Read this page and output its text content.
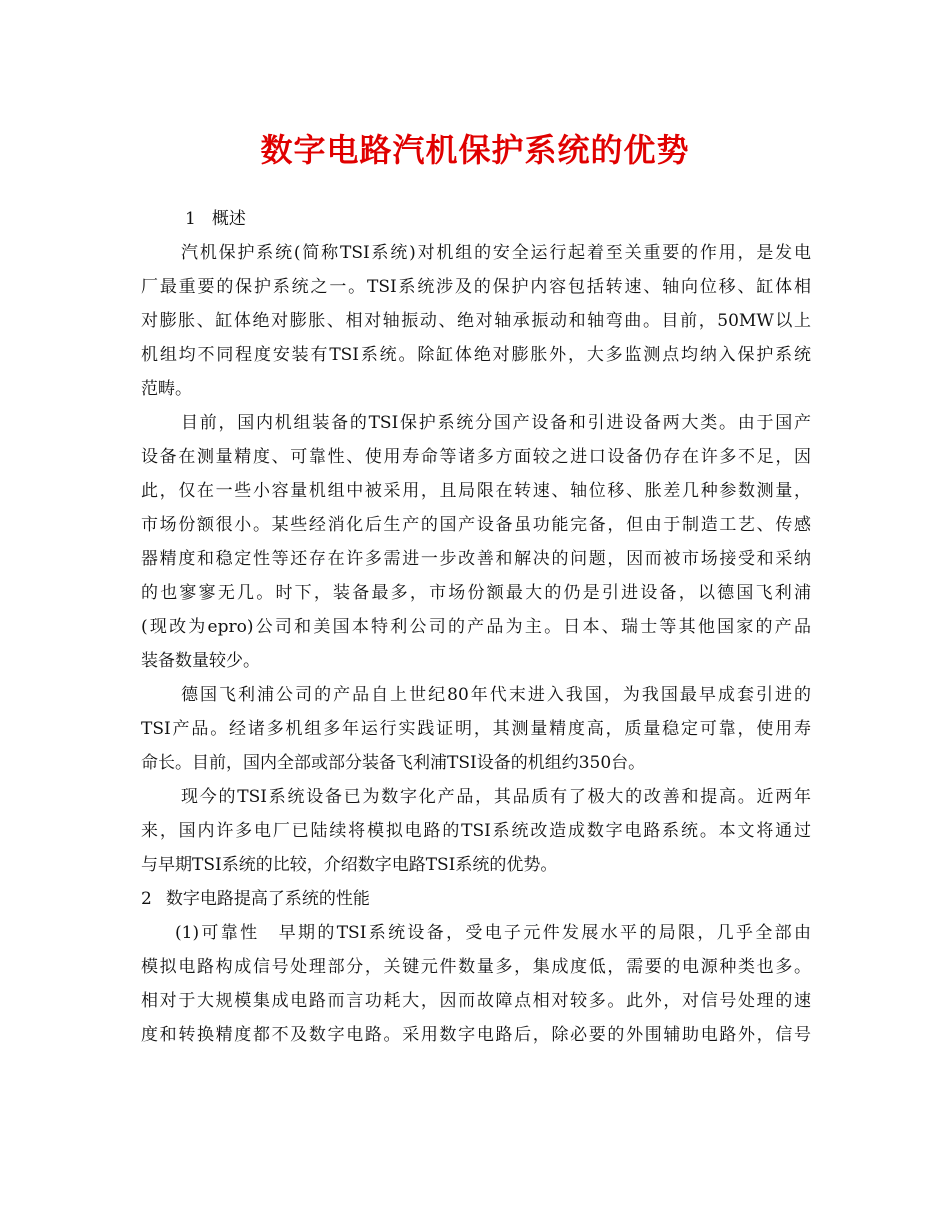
数字电路汽机保护系统的优势
1 概述
汽机保护系统(简称TSI系统)对机组的安全运行起着至关重要的作用，是发电
厂最重要的保护系统之一。TSI系统涉及的保护内容包括转速、轴向位移、缸体相
对膨胀、缸体绝对膨胀、相对轴振动、绝对轴承振动和轴弯曲。目前，50MW以上
机组均不同程度安装有TSI系统。除缸体绝对膨胀外，大多监测点均纳入保护系统
范畴。
目前，国内机组装备的TSI保护系统分国产设备和引进设备两大类。由于国产
设备在测量精度、可靠性、使用寿命等诸多方面较之进口设备仍存在许多不足，因
此，仅在一些小容量机组中被采用，且局限在转速、轴位移、胀差几种参数测量，
市场份额很小。某些经消化后生产的国产设备虽功能完备，但由于制造工艺、传感
器精度和稳定性等还存在许多需进一步改善和解决的问题，因而被市场接受和采纳
的也寥寥无几。时下，装备最多，市场份额最大的仍是引进设备，以德国飞利浦
(现改为epro)公司和美国本特利公司的产品为主。日本、瑞士等其他国家的产品
装备数量较少。
德国飞利浦公司的产品自上世纪80年代末进入我国，为我国最早成套引进的
TSI产品。经诸多机组多年运行实践证明，其测量精度高，质量稳定可靠，使用寿
命长。目前，国内全部或部分装备飞利浦TSI设备的机组约350台。
现今的TSI系统设备已为数字化产品，其品质有了极大的改善和提高。近两年
来，国内许多电厂已陆续将模拟电路的TSI系统改造成数字电路系统。本文将通过
与早期TSI系统的比较，介绍数字电路TSI系统的优势。
2 数字电路提高了系统的性能
(1)可靠性　早期的TSI系统设备，受电子元件发展水平的局限，几乎全部由
模拟电路构成信号处理部分，关键元件数量多，集成度低，需要的电源种类也多。
相对于大规模集成电路而言功耗大，因而故障点相对较多。此外，对信号处理的速
度和转换精度都不及数字电路。采用数字电路后，除必要的外围辅助电路外，信号
